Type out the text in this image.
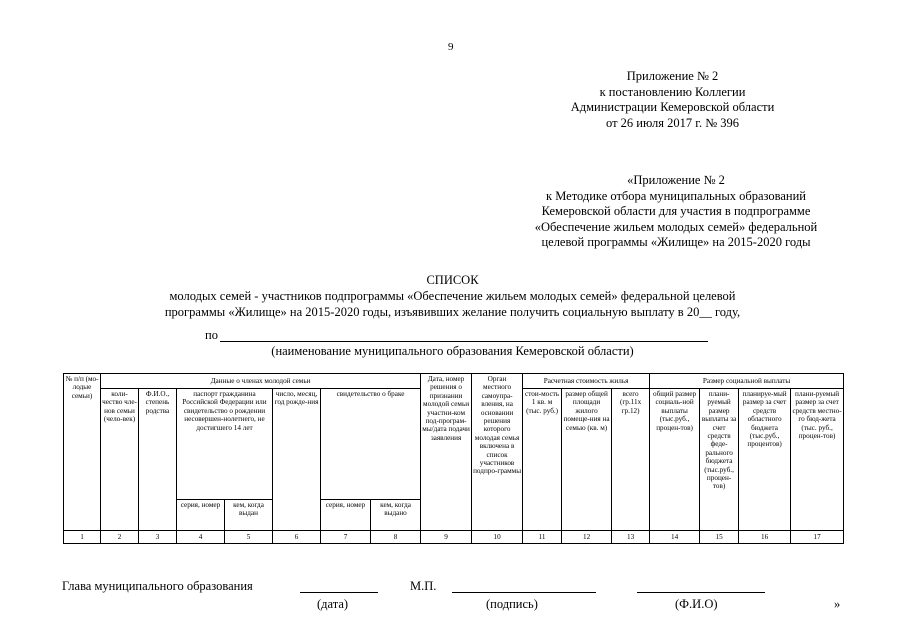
9
Приложение № 2
к постановлению Коллегии
Администрации Кемеровской области
от 26 июля 2017 г. № 396
«Приложение № 2
к Методике отбора муниципальных образований
Кемеровской области для участия в подпрограмме
«Обеспечение жильем молодых семей» федеральной
целевой программы «Жилище» на 2015-2020 годы
СПИСОК
молодых семей - участников подпрограммы «Обеспечение жильем молодых семей» федеральной целевой
программы «Жилище» на 2015-2020 годы, изъявивших желание получить социальную выплату в 20__ году,
по
(наименование муниципального образования Кемеровской области)
№ п/п (мо-лодые семьи)	Данные о членах молодой семьи							Дата, номер решения о признании молодой семьи участни-ком под-програм-мы/дата подачи заявления	Орган местного самоупра-вления, на основании решения которого молодая семья включена в список участников подпро-граммы	Расчетная стоимость жилья			Размер социальной выплаты			
	коли-чество чле-нов семьи (чело-век)	Ф.И.О., степень родства	паспорт гражданина Российской Федерации или свидетельство о рождении несовершен-нолетнего, не достигшего 14 лет		число, месяц, год рожде-ния	свидетельство о браке				стои-мость 1 кв. м (тыс. руб.)	размер общей площади жилого помеще-ния на семью (кв. м)	всего (гр.11х гр.12)	общий размер социаль-ной выплаты (тыс.руб., процен-тов)	плани-руемый размер выплаты за счет средств феде-рального бюджета (тыс.руб., процен-тов)	планируе-мый размер за счет средств областного бюджета (тыс.руб., процентов)	плани-руемый размер за счет средств местно-го бюд-жета (тыс. руб., процен-тов)
			серия, номер	кем, когда выдан		серия, номер	кем, когда выдано									
1	2	3	4	5	6	7	8	9	10	11	12	13	14	15	16	17
Глава муниципального образования	М.П.
(дата)	(подпись)	(Ф.И.О)	»
